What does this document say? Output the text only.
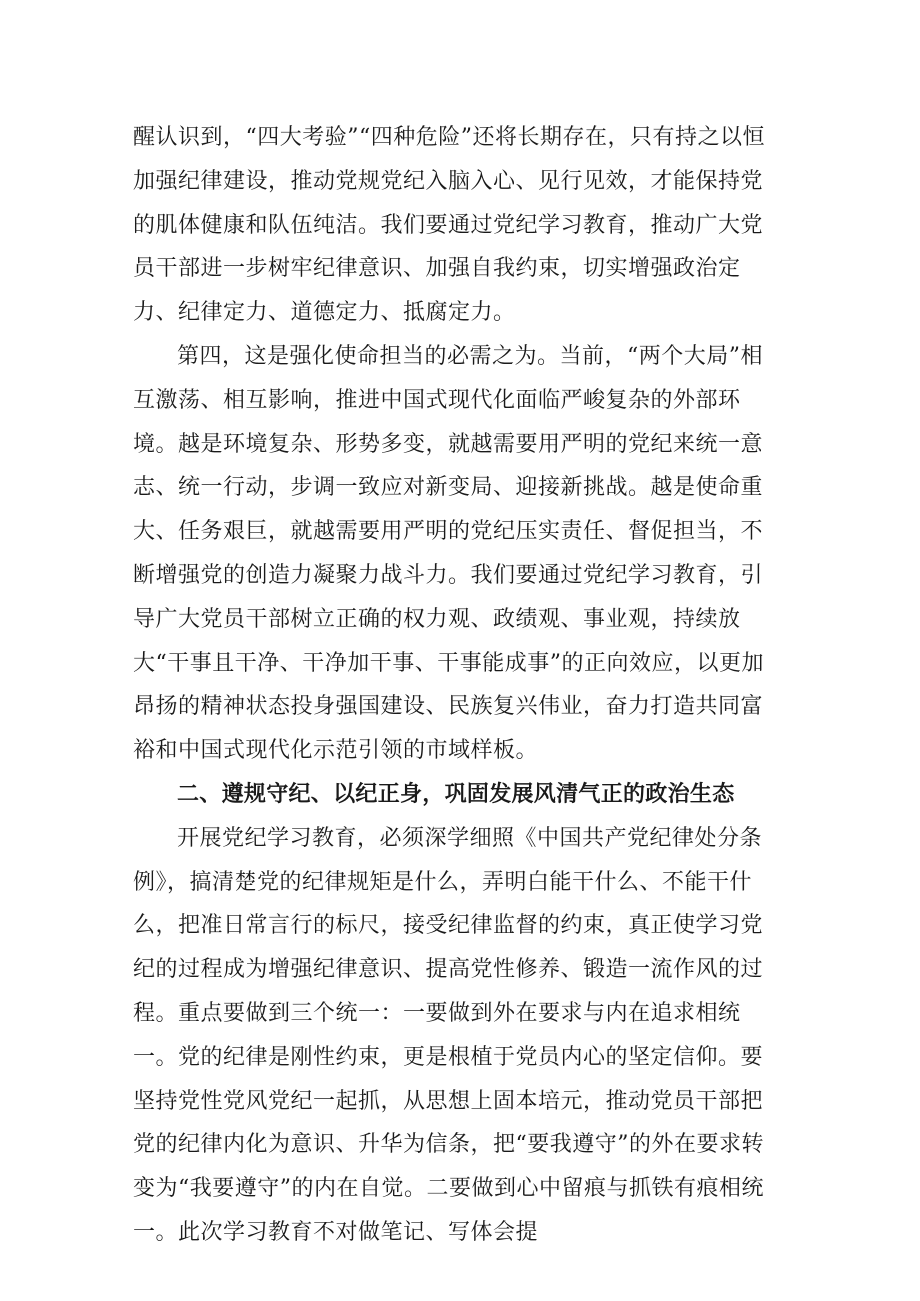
醒认识到，“四大考验”“四种危险”还将长期存在，只有持之以恒加强纪律建设，推动党规党纪入脑入心、见行见效，才能保持党的肌体健康和队伍纯洁。我们要通过党纪学习教育，推动广大党员干部进一步树牢纪律意识、加强自我约束，切实增强政治定力、纪律定力、道德定力、抵腐定力。

第四，这是强化使命担当的必需之为。当前，“两个大局”相互激荡、相互影响，推进中国式现代化面临严峻复杂的外部环境。越是环境复杂、形势多变，就越需要用严明的党纪来统一意志、统一行动，步调一致应对新变局、迎接新挑战。越是使命重大、任务艰巨，就越需要用严明的党纪压实责任、督促担当，不断增强党的创造力凝聚力战斗力。我们要通过党纪学习教育，引导广大党员干部树立正确的权力观、政绩观、事业观，持续放大“干事且干净、干净加干事、干事能成事”的正向效应，以更加昂扬的精神状态投身强国建设、民族复兴伟业，奋力打造共同富裕和中国式现代化示范引领的市域样板。

二、遵规守纪、以纪正身，巩固发展风清气正的政治生态

开展党纪学习教育，必须深学细照《中国共产党纪律处分条例》，搞清楚党的纪律规矩是什么，弄明白能干什么、不能干什么，把准日常言行的标尺，接受纪律监督的约束，真正使学习党纪的过程成为增强纪律意识、提高党性修养、锻造一流作风的过程。重点要做到三个统一：一要做到外在要求与内在追求相统一。党的纪律是刚性约束，更是根植于党员内心的坚定信仰。要坚持党性党风党纪一起抓，从思想上固本培元，推动党员干部把党的纪律内化为意识、升华为信条，把“要我遵守”的外在要求转变为“我要遵守”的内在自觉。二要做到心中留痕与抓铁有痕相统一。此次学习教育不对做笔记、写体会提
